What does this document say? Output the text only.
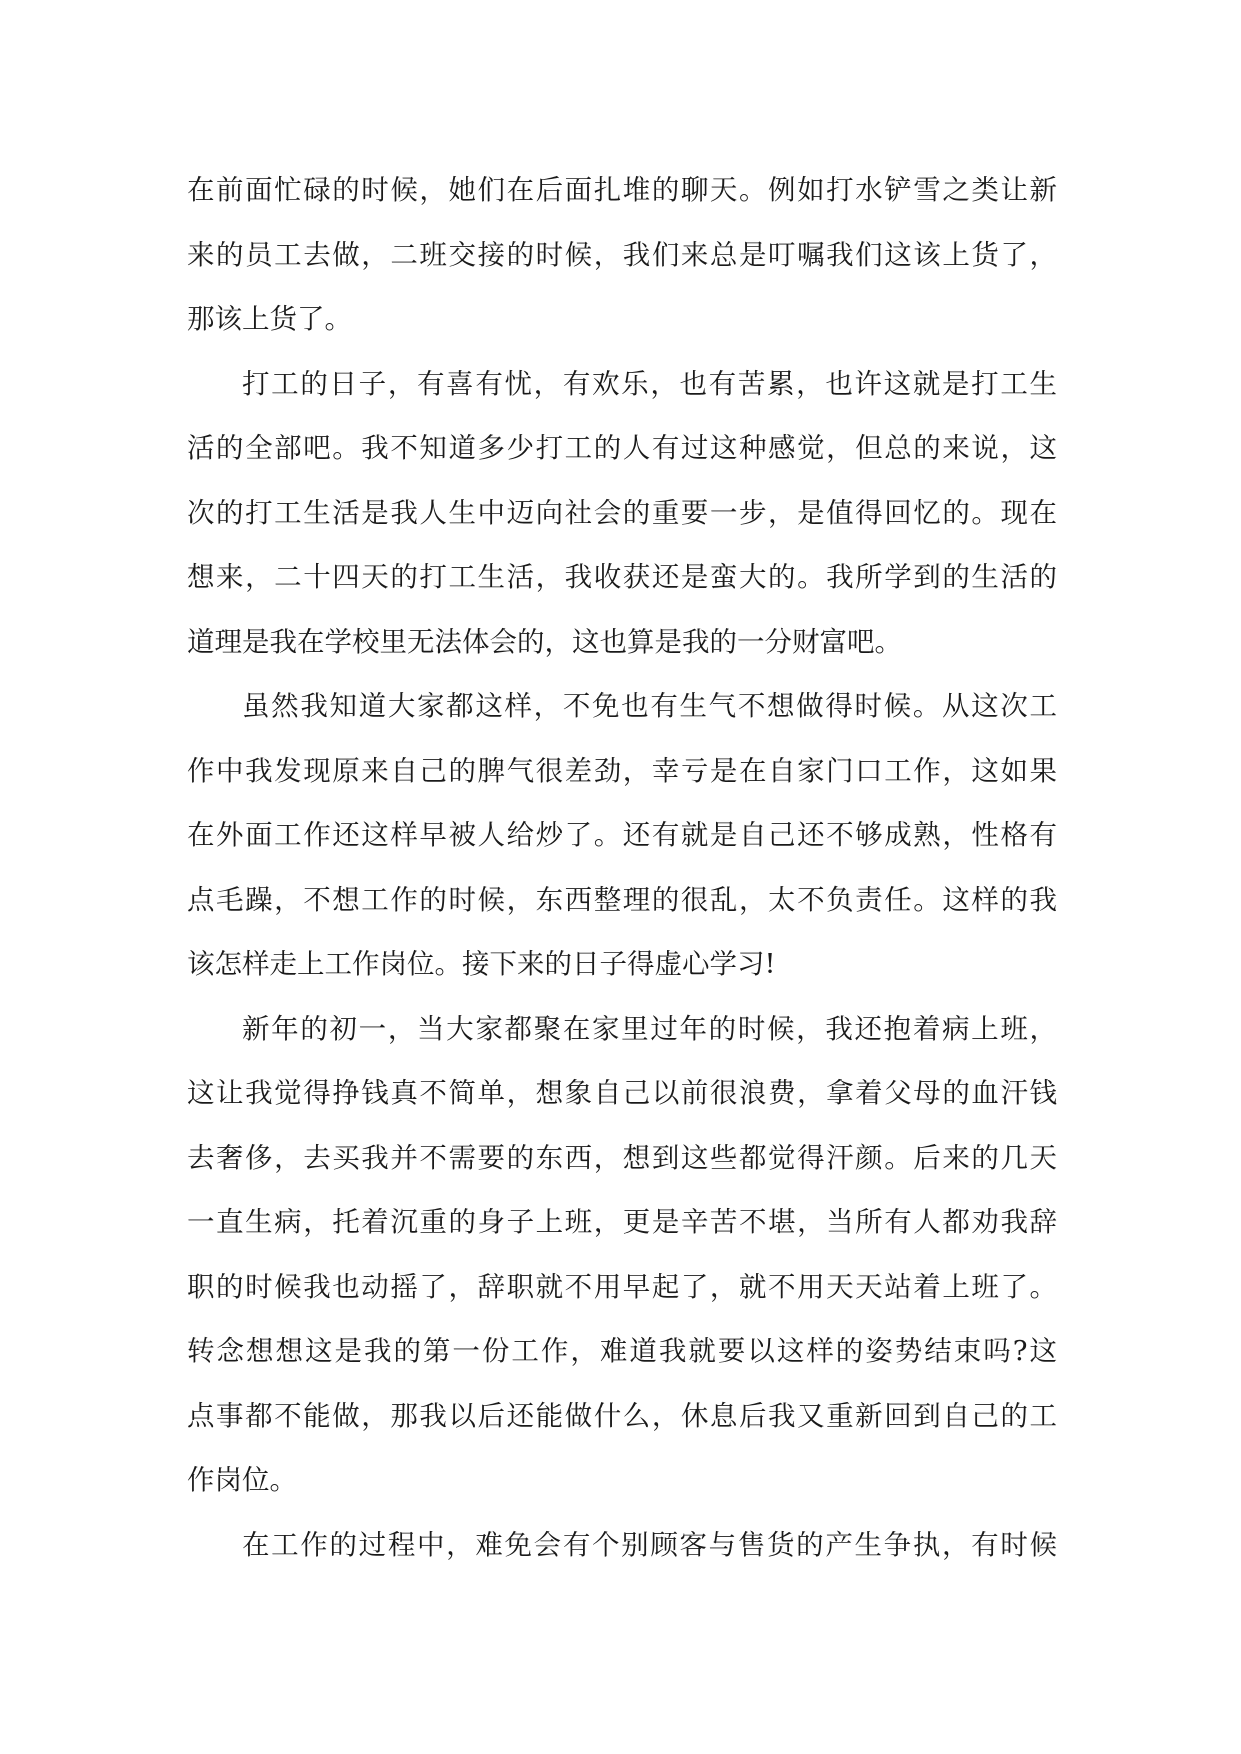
在前面忙碌的时候，她们在后面扎堆的聊天。例如打水铲雪之类让新
来的员工去做，二班交接的时候，我们来总是叮嘱我们这该上货了，
那该上货了。
打工的日子，有喜有忧，有欢乐，也有苦累，也许这就是打工生
活的全部吧。我不知道多少打工的人有过这种感觉，但总的来说，这
次的打工生活是我人生中迈向社会的重要一步，是值得回忆的。现在
想来，二十四天的打工生活，我收获还是蛮大的。我所学到的生活的
道理是我在学校里无法体会的，这也算是我的一分财富吧。
虽然我知道大家都这样，不免也有生气不想做得时候。从这次工
作中我发现原来自己的脾气很差劲，幸亏是在自家门口工作，这如果
在外面工作还这样早被人给炒了。还有就是自己还不够成熟，性格有
点毛躁，不想工作的时候，东西整理的很乱，太不负责任。这样的我
该怎样走上工作岗位。接下来的日子得虚心学习!
新年的初一，当大家都聚在家里过年的时候，我还抱着病上班，
这让我觉得挣钱真不简单，想象自己以前很浪费，拿着父母的血汗钱
去奢侈，去买我并不需要的东西，想到这些都觉得汗颜。后来的几天
一直生病，托着沉重的身子上班，更是辛苦不堪，当所有人都劝我辞
职的时候我也动摇了，辞职就不用早起了，就不用天天站着上班了。
转念想想这是我的第一份工作，难道我就要以这样的姿势结束吗?这
点事都不能做，那我以后还能做什么，休息后我又重新回到自己的工
作岗位。
在工作的过程中，难免会有个别顾客与售货的产生争执，有时候
